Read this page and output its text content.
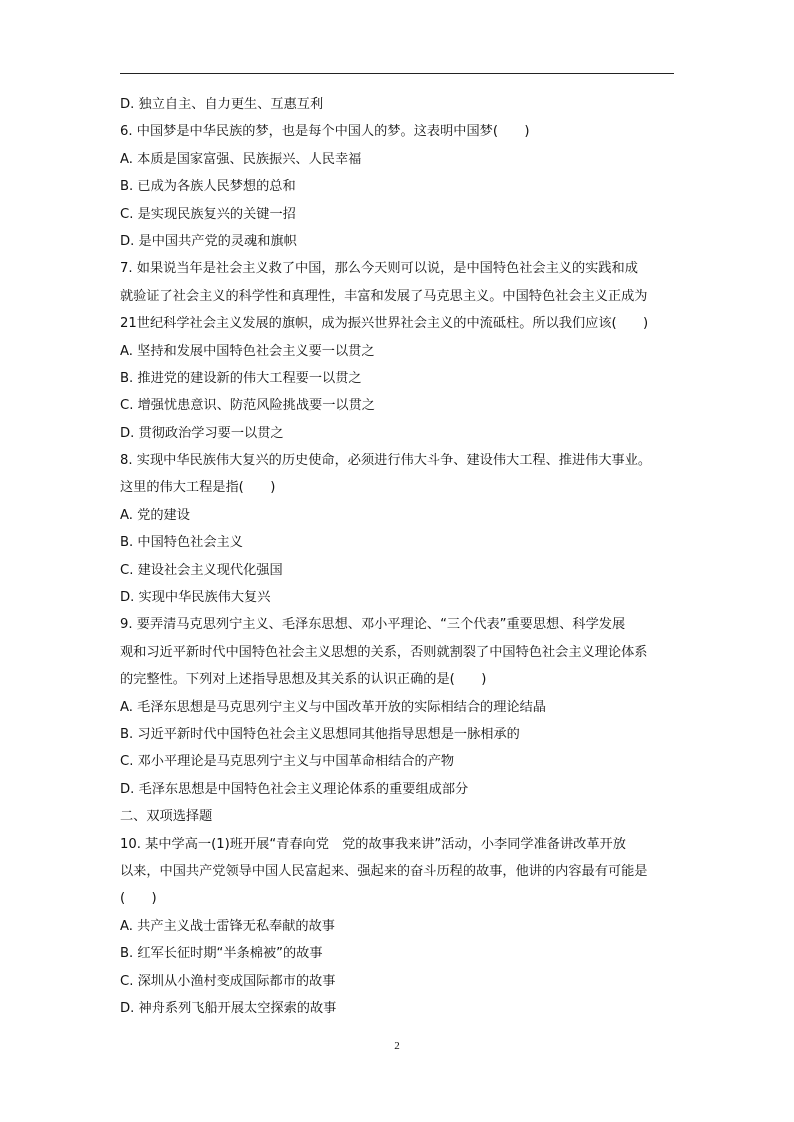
D. 独立自主、自力更生、互惠互利
6. 中国梦是中华民族的梦，也是每个中国人的梦。这表明中国梦(　　)
A. 本质是国家富强、民族振兴、人民幸福
B. 已成为各族人民梦想的总和
C. 是实现民族复兴的关键一招
D. 是中国共产党的灵魂和旗帜
7. 如果说当年是社会主义救了中国，那么今天则可以说，是中国特色社会主义的实践和成
就验证了社会主义的科学性和真理性，丰富和发展了马克思主义。中国特色社会主义正成为
21世纪科学社会主义发展的旗帜，成为振兴世界社会主义的中流砥柱。所以我们应该(　　)
A. 坚持和发展中国特色社会主义要一以贯之
B. 推进党的建设新的伟大工程要一以贯之
C. 增强忧患意识、防范风险挑战要一以贯之
D. 贯彻政治学习要一以贯之
8. 实现中华民族伟大复兴的历史使命，必须进行伟大斗争、建设伟大工程、推进伟大事业。
这里的伟大工程是指(　　)
A. 党的建设
B. 中国特色社会主义
C. 建设社会主义现代化强国
D. 实现中华民族伟大复兴
9. 要弄清马克思列宁主义、毛泽东思想、邓小平理论、“三个代表”重要思想、科学发展
观和习近平新时代中国特色社会主义思想的关系，否则就割裂了中国特色社会主义理论体系
的完整性。下列对上述指导思想及其关系的认识正确的是(　　)
A. 毛泽东思想是马克思列宁主义与中国改革开放的实际相结合的理论结晶
B. 习近平新时代中国特色社会主义思想同其他指导思想是一脉相承的
C. 邓小平理论是马克思列宁主义与中国革命相结合的产物
D. 毛泽东思想是中国特色社会主义理论体系的重要组成部分
二、双项选择题
10. 某中学高一(1)班开展“青春向党　党的故事我来讲”活动，小李同学准备讲改革开放
以来，中国共产党领导中国人民富起来、强起来的奋斗历程的故事，他讲的内容最有可能是
(　　)
A. 共产主义战士雷锋无私奉献的故事
B. 红军长征时期“半条棉被”的故事
C. 深圳从小渔村变成国际都市的故事
D. 神舟系列飞船开展太空探索的故事
2
